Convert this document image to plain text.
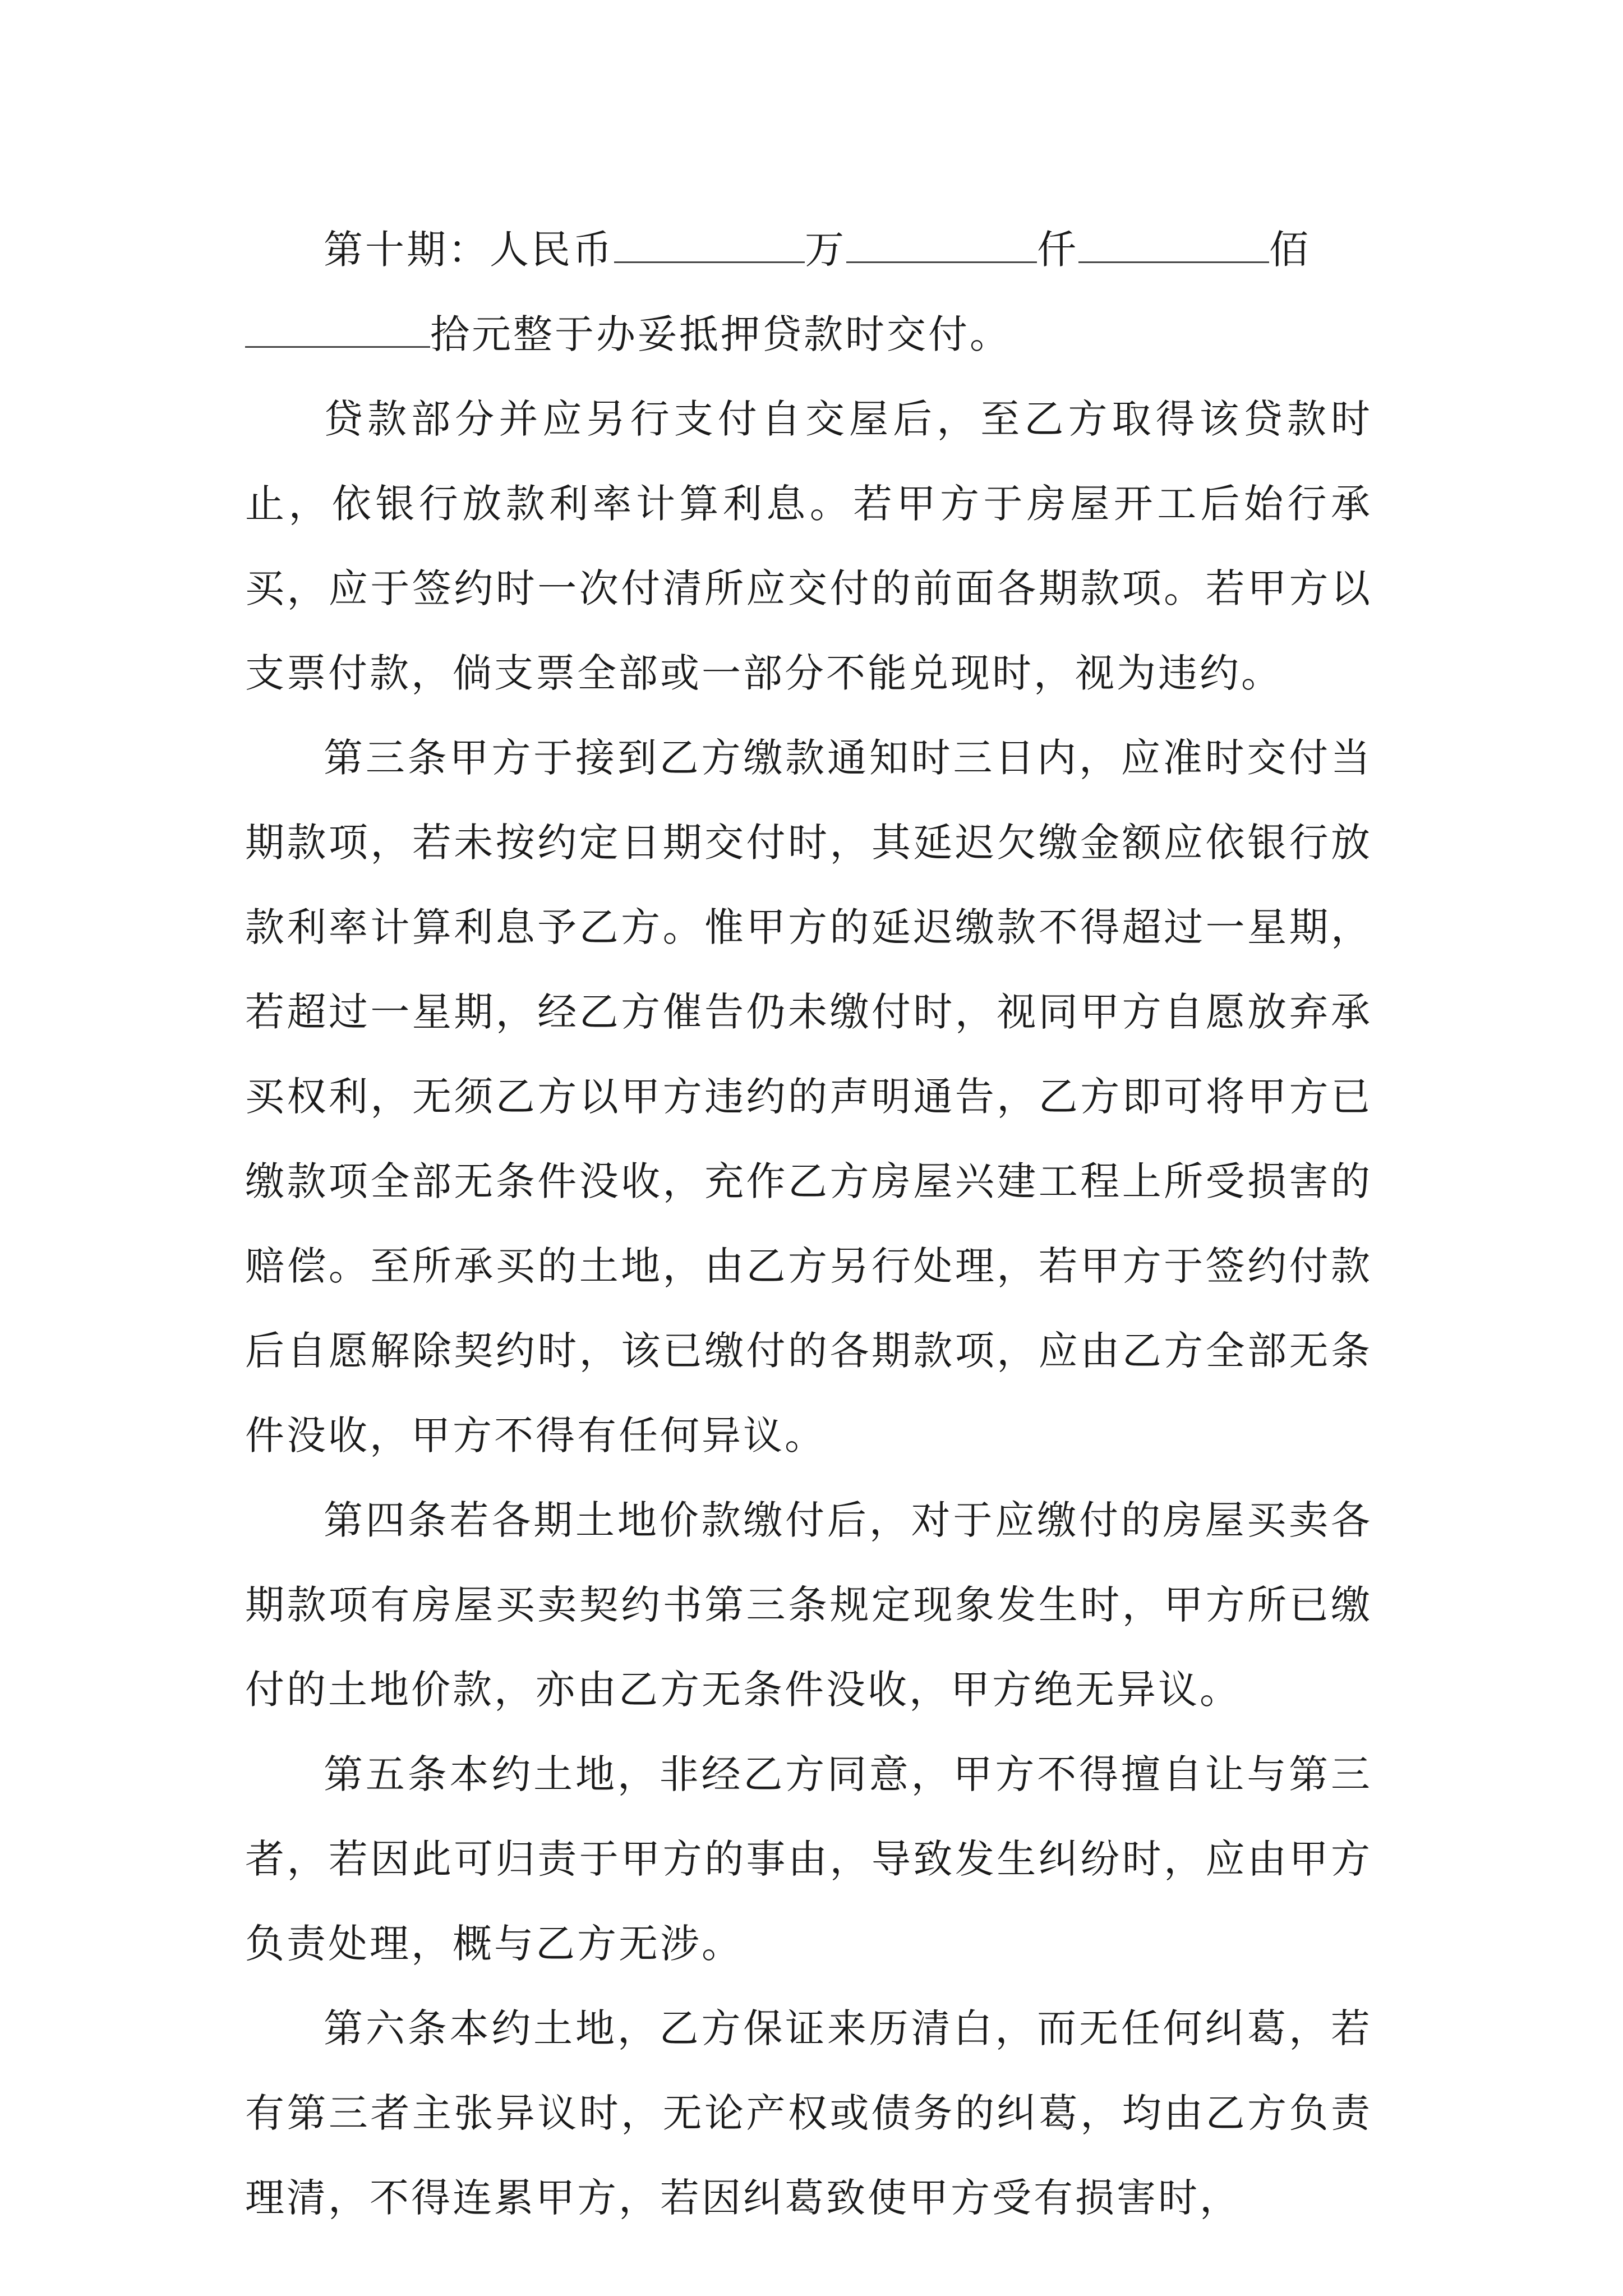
第十期：人民币	万	仟	佰
拾元整于办妥抵押贷款时交付。

贷款部分并应另行支付自交屋后，至乙方取得该贷款时止，依银行放款利率计算利息。若甲方于房屋开工后始行承买，应于签约时一次付清所应交付的前面各期款项。若甲方以支票付款，倘支票全部或一部分不能兑现时，视为违约。

第三条甲方于接到乙方缴款通知时三日内，应准时交付当期款项，若未按约定日期交付时，其延迟欠缴金额应依银行放款利率计算利息予乙方。惟甲方的延迟缴款不得超过一星期，若超过一星期，经乙方催告仍未缴付时，视同甲方自愿放弃承买权利，无须乙方以甲方违约的声明通告，乙方即可将甲方已缴款项全部无条件没收，充作乙方房屋兴建工程上所受损害的赔偿。至所承买的土地，由乙方另行处理，若甲方于签约付款后自愿解除契约时，该已缴付的各期款项，应由乙方全部无条件没收，甲方不得有任何异议。

第四条若各期土地价款缴付后，对于应缴付的房屋买卖各期款项有房屋买卖契约书第三条规定现象发生时，甲方所已缴付的土地价款，亦由乙方无条件没收，甲方绝无异议。

第五条本约土地，非经乙方同意，甲方不得擅自让与第三者，若因此可归责于甲方的事由，导致发生纠纷时，应由甲方负责处理，概与乙方无涉。

第六条本约土地，乙方保证来历清白，而无任何纠葛，若有第三者主张异议时，无论产权或债务的纠葛，均由乙方负责理清，不得连累甲方，若因纠葛致使甲方受有损害时，
